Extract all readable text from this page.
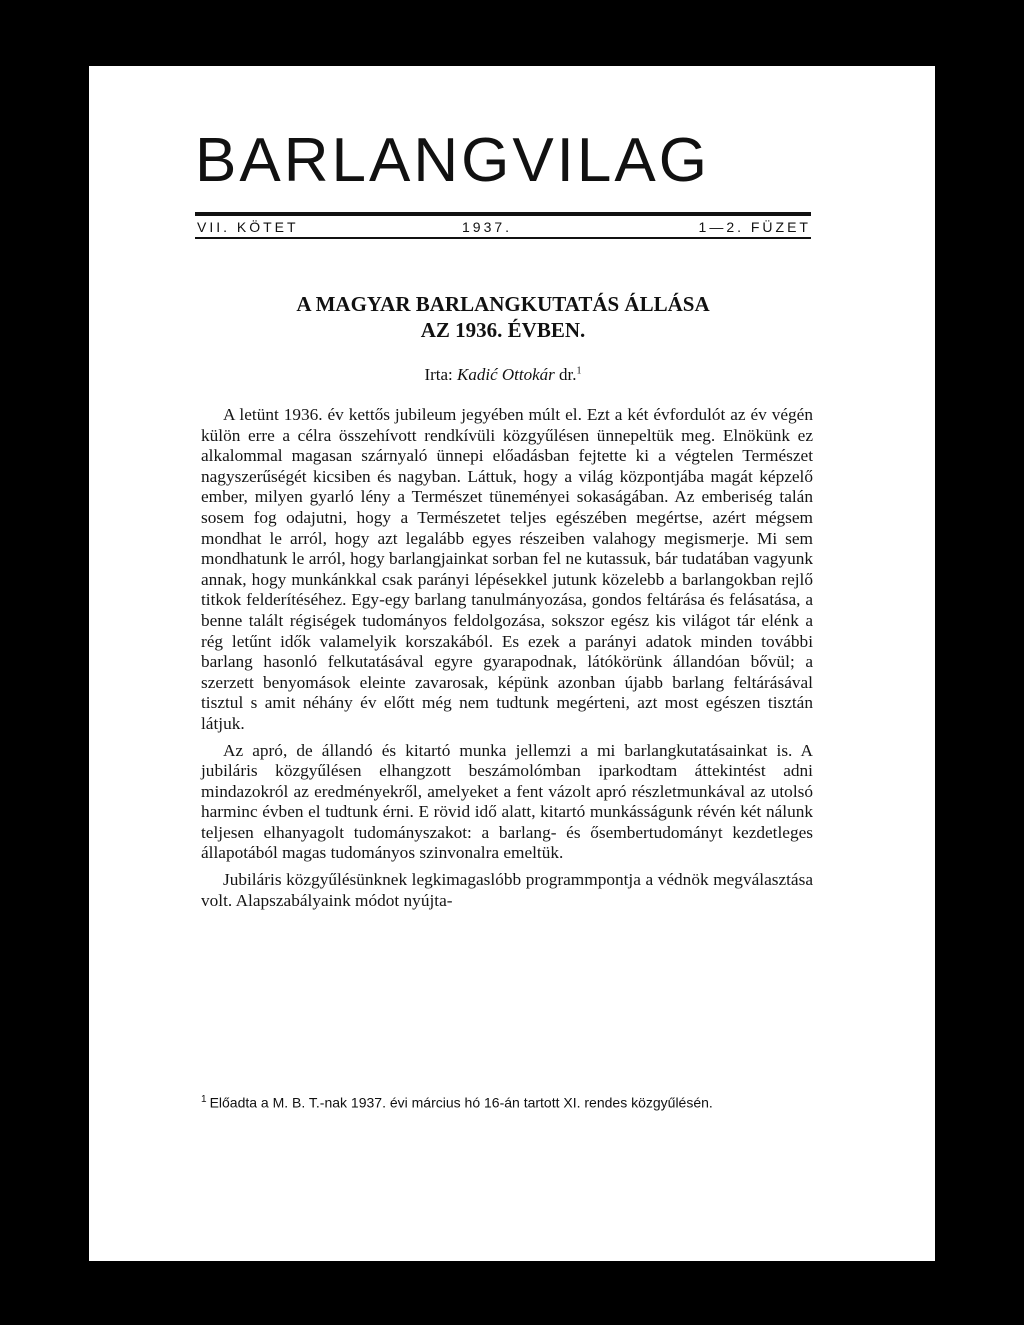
BARLANGVILAG
VII. KÖTET	1937.	1—2. FÜZET
A MAGYAR BARLANGKUTATÁS ÁLLÁSA
AZ 1936. ÉVBEN.
Irta: Kadić Ottokár dr.$^1$

A letünt 1936. év kettős jubileum jegyében múlt el. Ezt a két évfordulót az év végén külön erre a célra összehívott rendkívüli közgyűlésen ünnepeltük meg. Elnökünk ez alkalommal magasan szárnyaló ünnepi előadásban fejtette ki a végtelen Természet nagyszerűségét kicsiben és nagyban. Láttuk, hogy a világ központjába magát képzelő ember, milyen gyarló lény a Természet tüneményei sokaságában. Az emberiség talán sosem fog odajutni, hogy a Természetet teljes egészében megértse, azért mégsem mondhat le arról, hogy azt legalább egyes részeiben valahogy megismerje. Mi sem mondhatunk le arról, hogy barlangjainkat sorban fel ne kutassuk, bár tudatában vagyunk annak, hogy munkánkkal csak parányi lépésekkel jutunk közelebb a barlangokban rejlő titkok felderítéséhez. Egy-egy barlang tanulmányozása, gondos feltárása és felásatása, a benne talált régiségek tudományos feldolgozása, sokszor egész kis világot tár elénk a rég letűnt idők valamelyik korszakából. Es ezek a parányi adatok minden további barlang hasonló felkutatásával egyre gyarapodnak, látókörünk állandóan bővül; a szerzett benyomások eleinte zavarosak, képünk azonban újabb barlang feltárásával tisztul s amit néhány év előtt még nem tudtunk megérteni, azt most egészen tisztán látjuk.

Az apró, de állandó és kitartó munka jellemzi a mi barlangkutatásainkat is. A jubiláris közgyűlésen elhangzott beszámolómban iparkodtam áttekintést adni mindazokról az eredményekről, amelyeket a fent vázolt apró részletmunkával az utolsó harminc évben el tudtunk érni. E rövid idő alatt, kitartó munkásságunk révén két nálunk teljesen elhanyagolt tudományszakot: a barlang- és ősembertudományt kezdetleges állapotából magas tudományos szinvonalra emeltük.

Jubiláris közgyűlésünknek legkimagaslóbb programmpontja a védnök megválasztása volt. Alapszabályaink módot nyújta-

$^1$ Előadta a M. B. T.-nak 1937. évi március hó 16-án tartott XI. rendes közgyűlésén.
